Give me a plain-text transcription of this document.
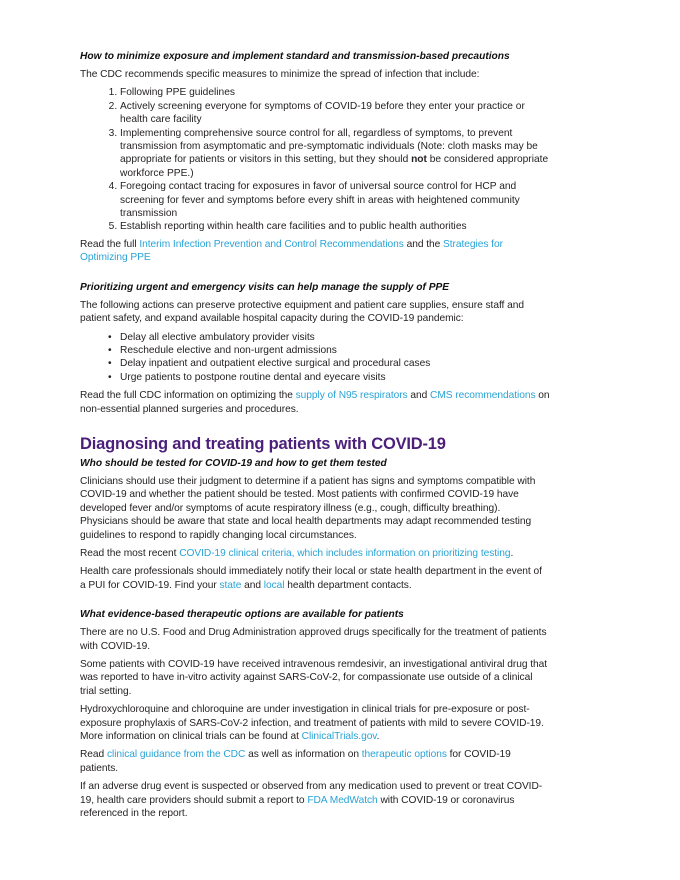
How to minimize exposure and implement standard and transmission-based precautions

The CDC recommends specific measures to minimize the spread of infection that include:

1. Following PPE guidelines
2. Actively screening everyone for symptoms of COVID-19 before they enter your practice or health care facility
3. Implementing comprehensive source control for all, regardless of symptoms, to prevent transmission from asymptomatic and pre-symptomatic individuals (Note: cloth masks may be appropriate for patients or visitors in this setting, but they should not be considered appropriate workforce PPE.)
4. Foregoing contact tracing for exposures in favor of universal source control for HCP and screening for fever and symptoms before every shift in areas with heightened community transmission
5. Establish reporting within health care facilities and to public health authorities

Read the full Interim Infection Prevention and Control Recommendations and the Strategies for Optimizing PPE

Prioritizing urgent and emergency visits can help manage the supply of PPE

The following actions can preserve protective equipment and patient care supplies, ensure staff and patient safety, and expand available hospital capacity during the COVID-19 pandemic:

• Delay all elective ambulatory provider visits
• Reschedule elective and non-urgent admissions
• Delay inpatient and outpatient elective surgical and procedural cases
• Urge patients to postpone routine dental and eyecare visits

Read the full CDC information on optimizing the supply of N95 respirators and CMS recommendations on non-essential planned surgeries and procedures.

Diagnosing and treating patients with COVID-19
Who should be tested for COVID-19 and how to get them tested

Clinicians should use their judgment to determine if a patient has signs and symptoms compatible with COVID-19 and whether the patient should be tested. Most patients with confirmed COVID-19 have developed fever and/or symptoms of acute respiratory illness (e.g., cough, difficulty breathing). Physicians should be aware that state and local health departments may adapt recommended testing guidelines to respond to rapidly changing local circumstances.

Read the most recent COVID-19 clinical criteria, which includes information on prioritizing testing.

Health care professionals should immediately notify their local or state health department in the event of a PUI for COVID-19. Find your state and local health department contacts.

What evidence-based therapeutic options are available for patients

There are no U.S. Food and Drug Administration approved drugs specifically for the treatment of patients with COVID-19.

Some patients with COVID-19 have received intravenous remdesivir, an investigational antiviral drug that was reported to have in-vitro activity against SARS-CoV-2, for compassionate use outside of a clinical trial setting.

Hydroxychloroquine and chloroquine are under investigation in clinical trials for pre-exposure or post-exposure prophylaxis of SARS-CoV-2 infection, and treatment of patients with mild to severe COVID-19. More information on clinical trials can be found at ClinicalTrials.gov.

Read clinical guidance from the CDC as well as information on therapeutic options for COVID-19 patients.

If an adverse drug event is suspected or observed from any medication used to prevent or treat COVID-19, health care providers should submit a report to FDA MedWatch with COVID-19 or coronavirus referenced in the report.
